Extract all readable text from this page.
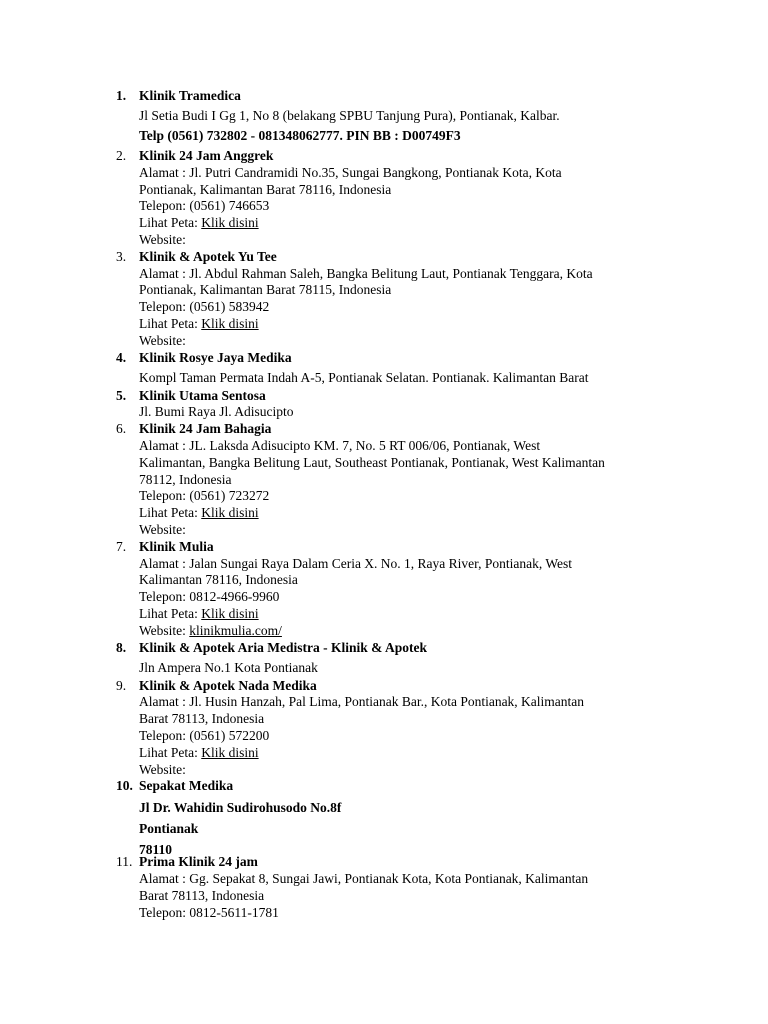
1. Klinik Tramedica
Jl Setia Budi I Gg 1, No 8 (belakang SPBU Tanjung Pura), Pontianak, Kalbar.
Telp (0561) 732802 - 081348062777. PIN BB : D00749F3
2. Klinik 24 Jam Anggrek
Alamat : Jl. Putri Candramidi No.35, Sungai Bangkong, Pontianak Kota, Kota
Pontianak, Kalimantan Barat 78116, Indonesia
Telepon: (0561) 746653
Lihat Peta: Klik disini
Website:
3. Klinik & Apotek Yu Tee
Alamat : Jl. Abdul Rahman Saleh, Bangka Belitung Laut, Pontianak Tenggara, Kota
Pontianak, Kalimantan Barat 78115, Indonesia
Telepon: (0561) 583942
Lihat Peta: Klik disini
Website:
4. Klinik Rosye Jaya Medika
Kompl Taman Permata Indah A-5, Pontianak Selatan. Pontianak. Kalimantan Barat
5. Klinik Utama Sentosa
Jl. Bumi Raya Jl. Adisucipto
6. Klinik 24 Jam Bahagia
Alamat : JL. Laksda Adisucipto KM. 7, No. 5 RT 006/06, Pontianak, West
Kalimantan, Bangka Belitung Laut, Southeast Pontianak, Pontianak, West Kalimantan
78112, Indonesia
Telepon: (0561) 723272
Lihat Peta: Klik disini
Website:
7. Klinik Mulia
Alamat : Jalan Sungai Raya Dalam Ceria X. No. 1, Raya River, Pontianak, West
Kalimantan 78116, Indonesia
Telepon: 0812-4966-9960
Lihat Peta: Klik disini
Website: klinikmulia.com/
8. Klinik & Apotek Aria Medistra - Klinik & Apotek
Jln Ampera No.1 Kota Pontianak
9. Klinik & Apotek Nada Medika
Alamat : Jl. Husin Hanzah, Pal Lima, Pontianak Bar., Kota Pontianak, Kalimantan
Barat 78113, Indonesia
Telepon: (0561) 572200
Lihat Peta: Klik disini
Website:
10. Sepakat Medika
Jl Dr. Wahidin Sudirohusodo No.8f
Pontianak
78110
11. Prima Klinik 24 jam
Alamat : Gg. Sepakat 8, Sungai Jawi, Pontianak Kota, Kota Pontianak, Kalimantan
Barat 78113, Indonesia
Telepon: 0812-5611-1781
